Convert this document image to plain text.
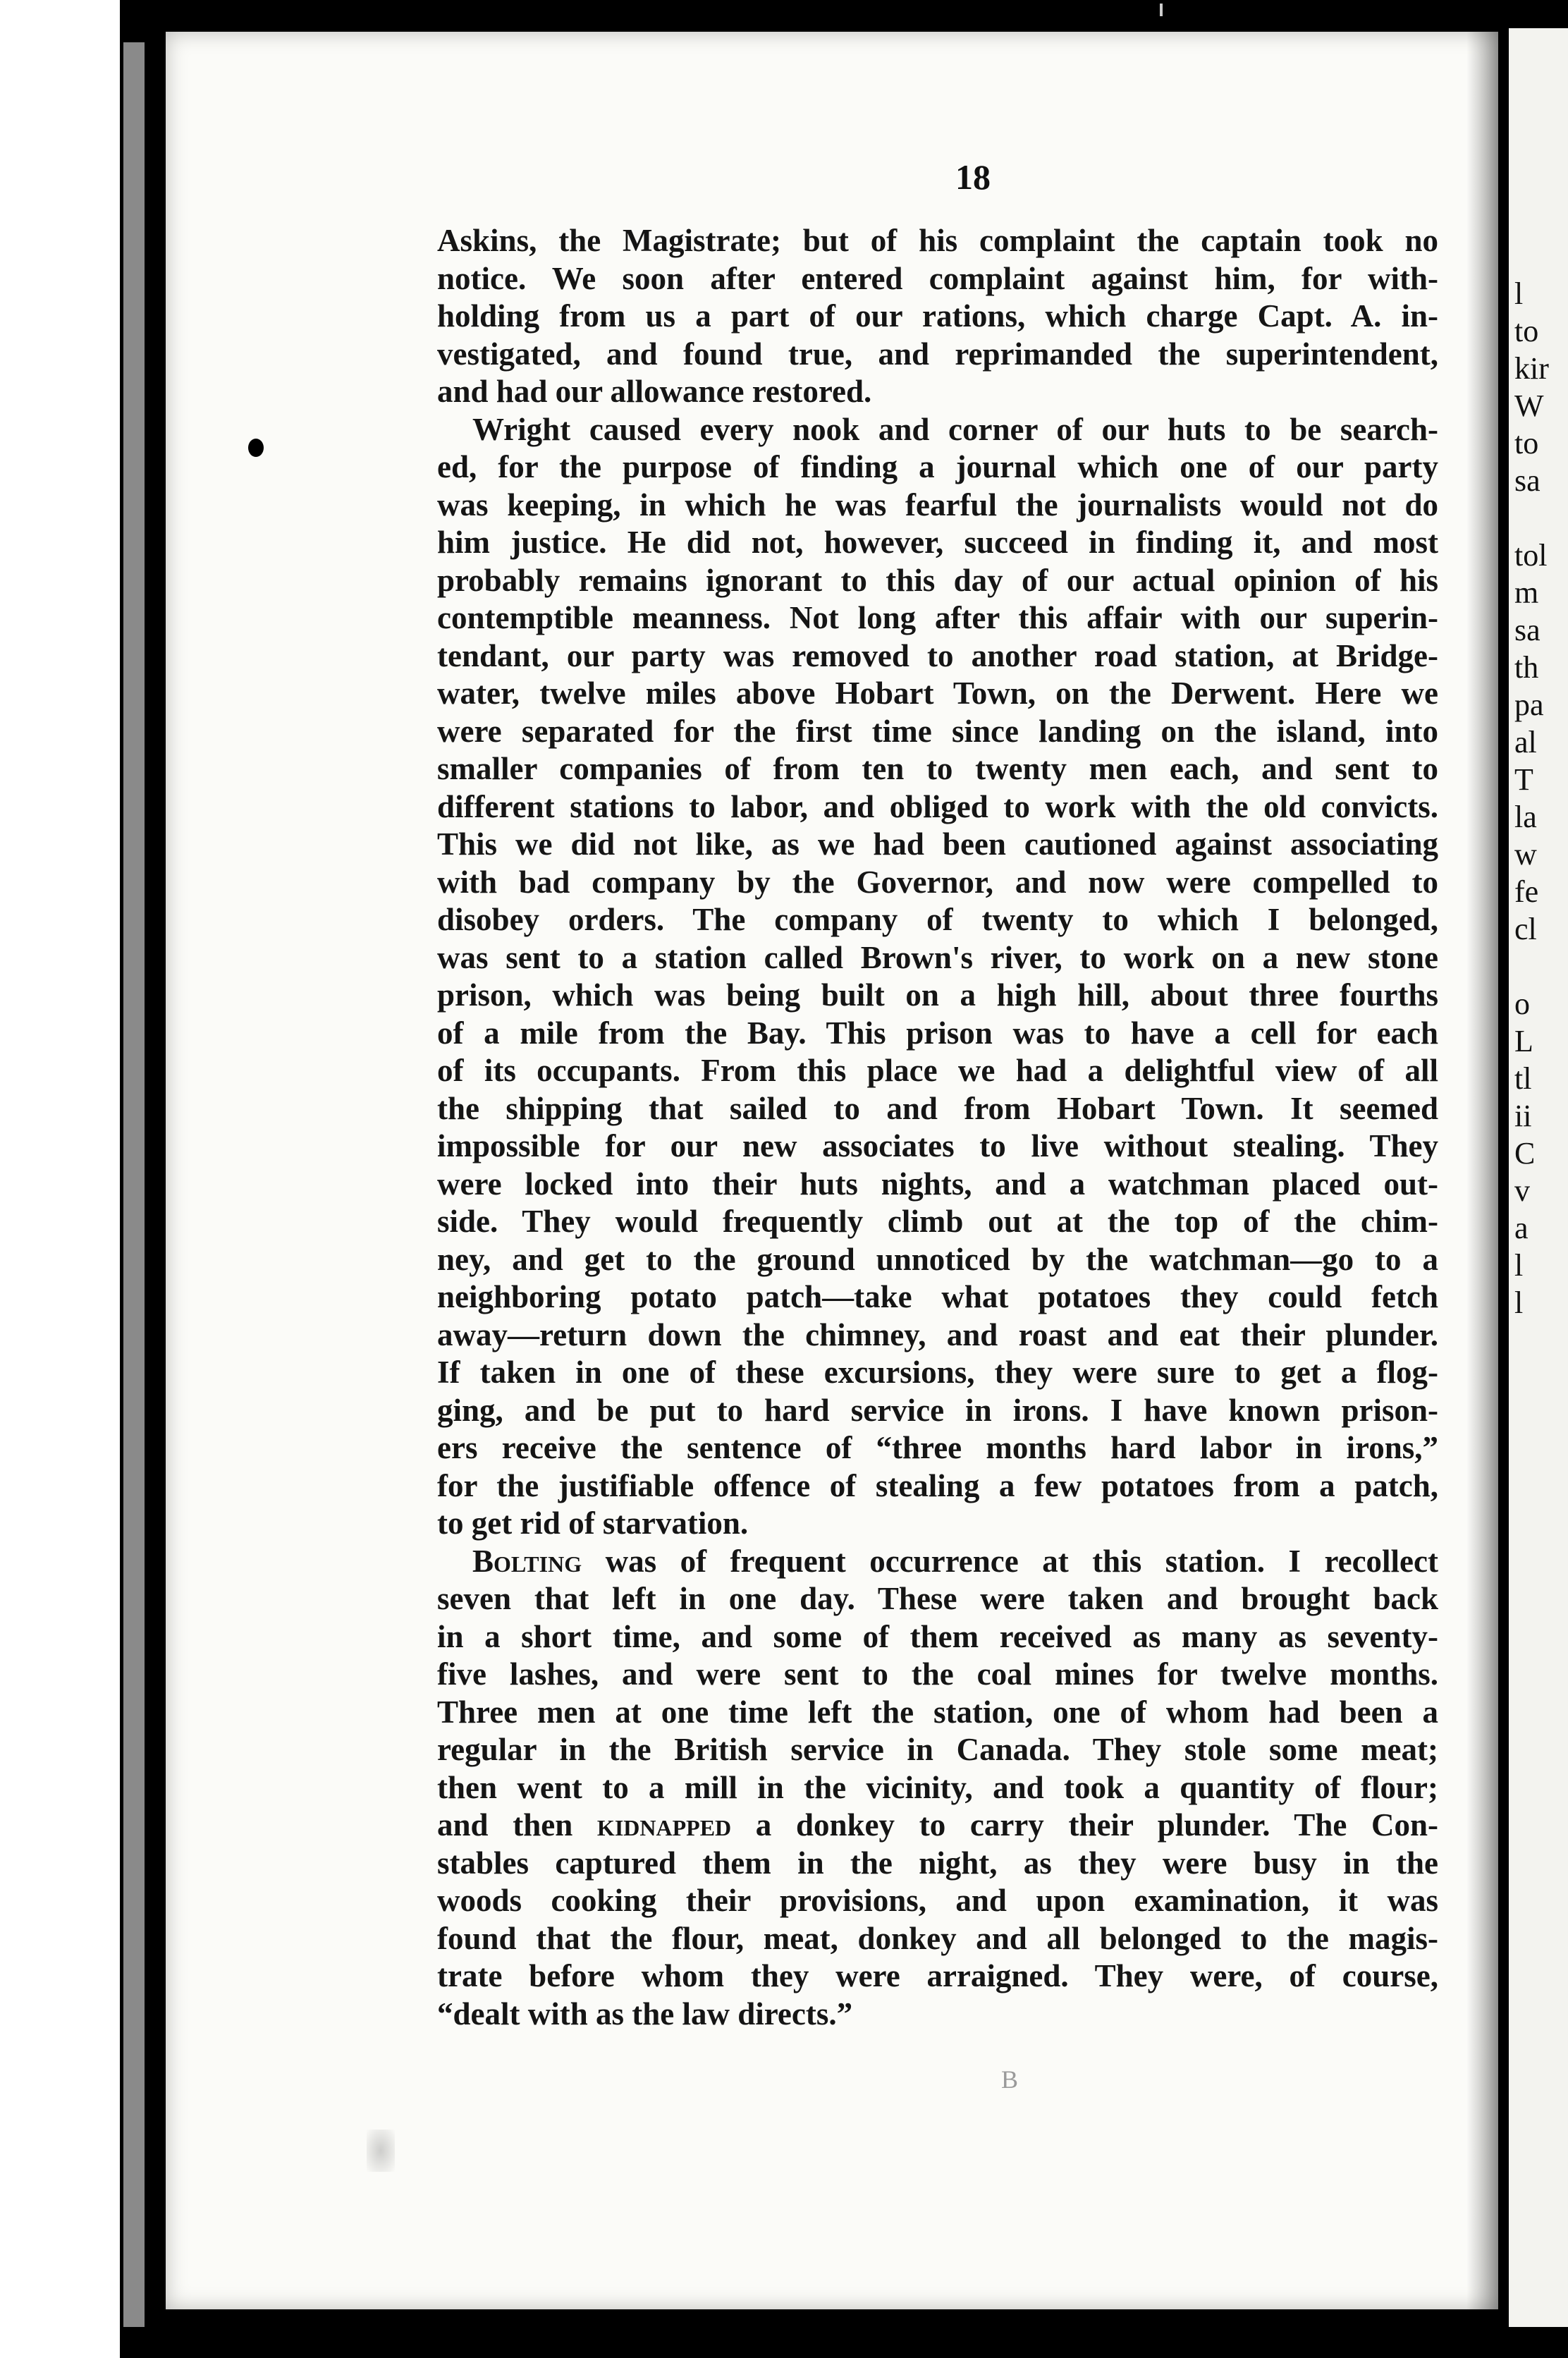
l
to
kir
W
to
sa
tol
m
sa
th
pa
al
T
la
w
fe
cl
o
L
tl
ii
C
v
a
l
l
18
Askins, the Magistrate; but of his complaint the captain took no
notice. We soon after entered complaint against him, for with-
holding from us a part of our rations, which charge Capt. A. in-
vestigated, and found true, and reprimanded the superintendent,
and had our allowance restored.
Wright caused every nook and corner of our huts to be search-
ed, for the purpose of finding a journal which one of our party
was keeping, in which he was fearful the journalists would not do
him justice. He did not, however, succeed in finding it, and most
probably remains ignorant to this day of our actual opinion of his
contemptible meanness. Not long after this affair with our superin-
tendant, our party was removed to another road station, at Bridge-
water, twelve miles above Hobart Town, on the Derwent. Here we
were separated for the first time since landing on the island, into
smaller companies of from ten to twenty men each, and sent to
different stations to labor, and obliged to work with the old convicts.
This we did not like, as we had been cautioned against associating
with bad company by the Governor, and now were compelled to
disobey orders. The company of twenty to which I belonged,
was sent to a station called Brown's river, to work on a new stone
prison, which was being built on a high hill, about three fourths
of a mile from the Bay. This prison was to have a cell for each
of its occupants. From this place we had a delightful view of all
the shipping that sailed to and from Hobart Town. It seemed
impossible for our new associates to live without stealing. They
were locked into their huts nights, and a watchman placed out-
side. They would frequently climb out at the top of the chim-
ney, and get to the ground unnoticed by the watchman—go to a
neighboring potato patch—take what potatoes they could fetch
away—return down the chimney, and roast and eat their plunder.
If taken in one of these excursions, they were sure to get a flog-
ging, and be put to hard service in irons. I have known prison-
ers receive the sentence of “three months hard labor in irons,”
for the justifiable offence of stealing a few potatoes from a patch,
to get rid of starvation.
Bolting was of frequent occurrence at this station. I recollect
seven that left in one day. These were taken and brought back
in a short time, and some of them received as many as seventy-
five lashes, and were sent to the coal mines for twelve months.
Three men at one time left the station, one of whom had been a
regular in the British service in Canada. They stole some meat;
then went to a mill in the vicinity, and took a quantity of flour;
and then kidnapped a donkey to carry their plunder. The Con-
stables captured them in the night, as they were busy in the
woods cooking their provisions, and upon examination, it was
found that the flour, meat, donkey and all belonged to the magis-
trate before whom they were arraigned. They were, of course,
“dealt with as the law directs.”
B
